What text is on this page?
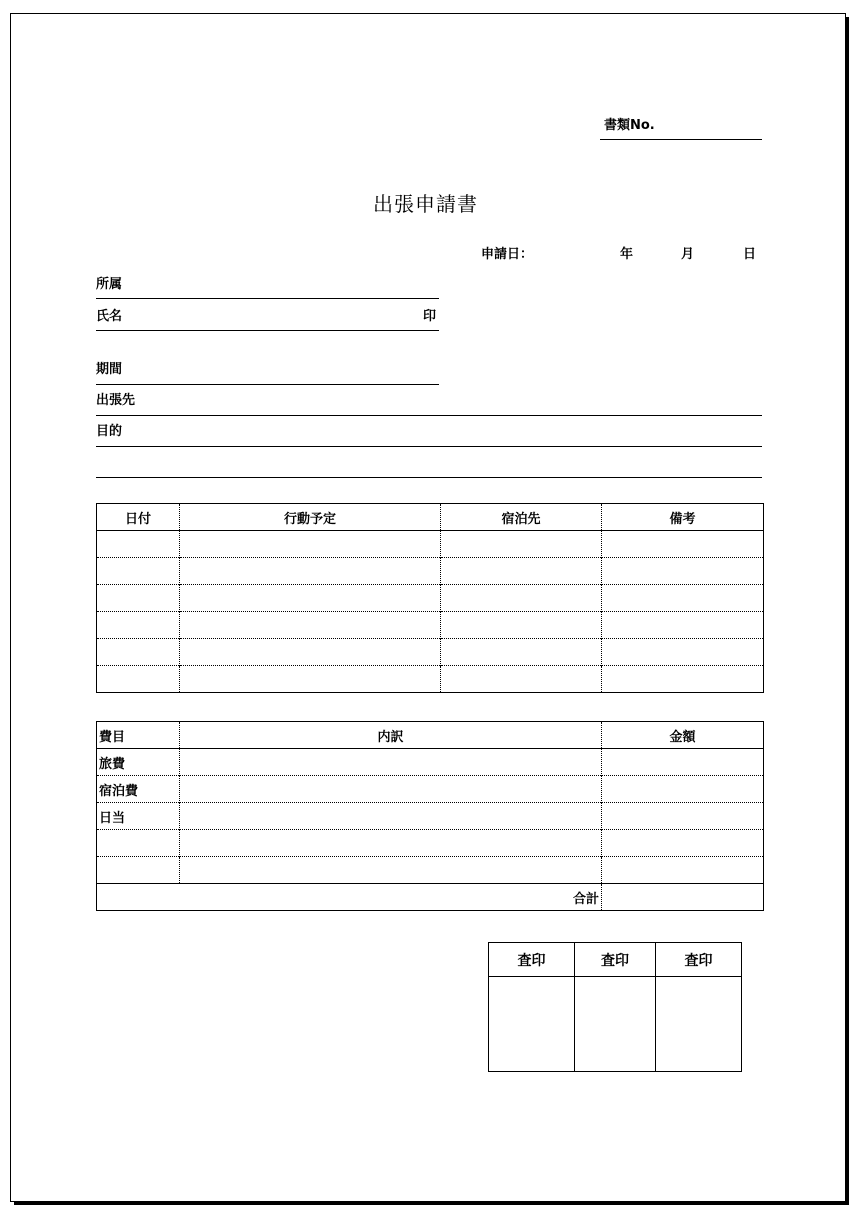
書類No.
出張申請書
申請日：	年	月	日
所属
氏名	印
期間
出張先
目的
日付	行動予定	宿泊先	備考

費目	内訳	金額
旅費		
宿泊費		
日当		

合計		
査印	査印	査印
